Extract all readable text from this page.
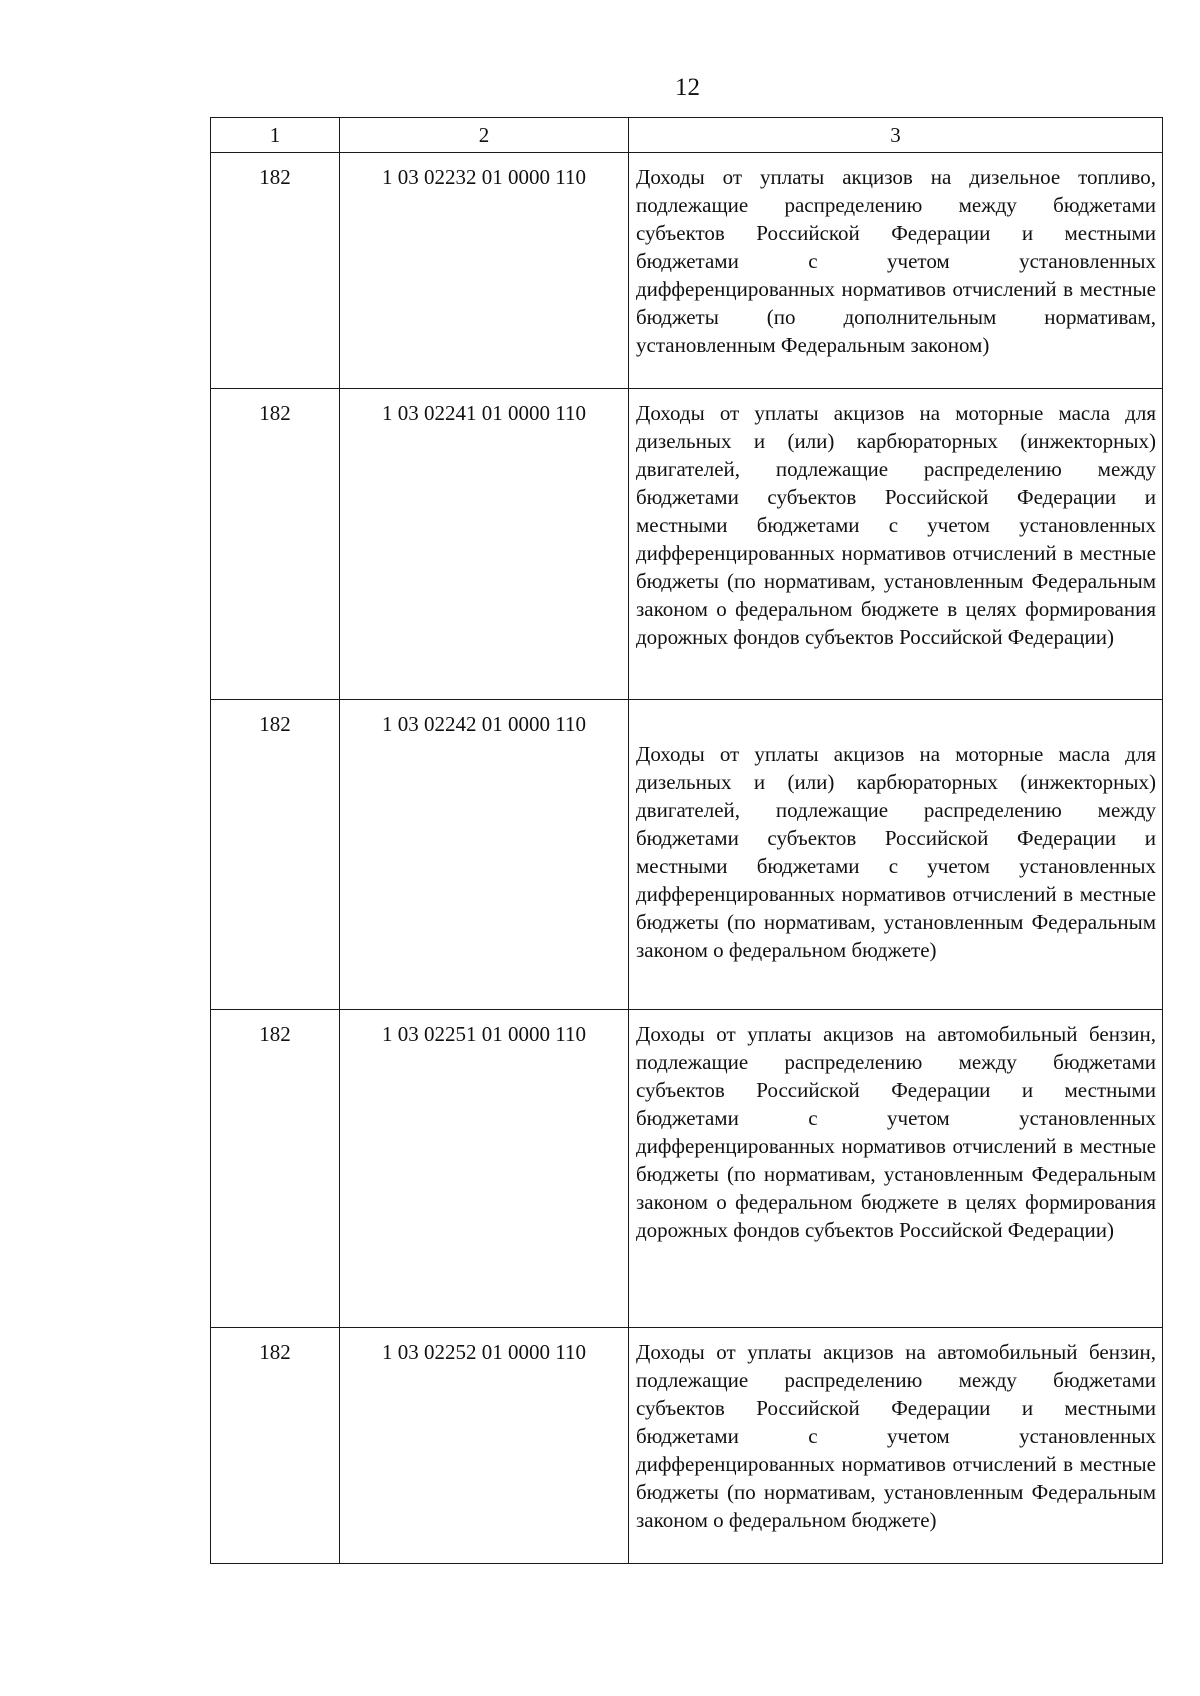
12
1	2	3
182	1 03 02232 01 0000 110	Доходы от уплаты акцизов на дизельное топливо, подлежащие распределению между бюджетами субъектов Российской Федерации и местными бюджетами с учетом установленных дифференцированных нормативов отчислений в местные бюджеты (по дополнительным нормативам, установленным Федеральным законом)
182	1 03 02241 01 0000 110	Доходы от уплаты акцизов на моторные масла для дизельных и (или) карбюраторных (инжекторных) двигателей, подлежащие распределению между бюджетами субъектов Российской Федерации и местными бюджетами с учетом установленных дифференцированных нормативов отчислений в местные бюджеты (по нормативам, установленным Федеральным законом о федеральном бюджете в целях формирования дорожных фондов субъектов Российской Федерации)
182	1 03 02242 01 0000 110	Доходы от уплаты акцизов на моторные масла для дизельных и (или) карбюраторных (инжекторных) двигателей, подлежащие распределению между бюджетами субъектов Российской Федерации и местными бюджетами с учетом установленных дифференцированных нормативов отчислений в местные бюджеты (по нормативам, установленным Федеральным законом о федеральном бюджете)
182	1 03 02251 01 0000 110	Доходы от уплаты акцизов на автомобильный бензин, подлежащие распределению между бюджетами субъектов Российской Федерации и местными бюджетами с учетом установленных дифференцированных нормативов отчислений в местные бюджеты (по нормативам, установленным Федеральным законом о федеральном бюджете в целях формирования дорожных фондов субъектов Российской Федерации)
182	1 03 02252 01 0000 110	Доходы от уплаты акцизов на автомобильный бензин, подлежащие распределению между бюджетами субъектов Российской Федерации и местными бюджетами с учетом установленных дифференцированных нормативов отчислений в местные бюджеты (по нормативам, установленным Федеральным законом о федеральном бюджете)
